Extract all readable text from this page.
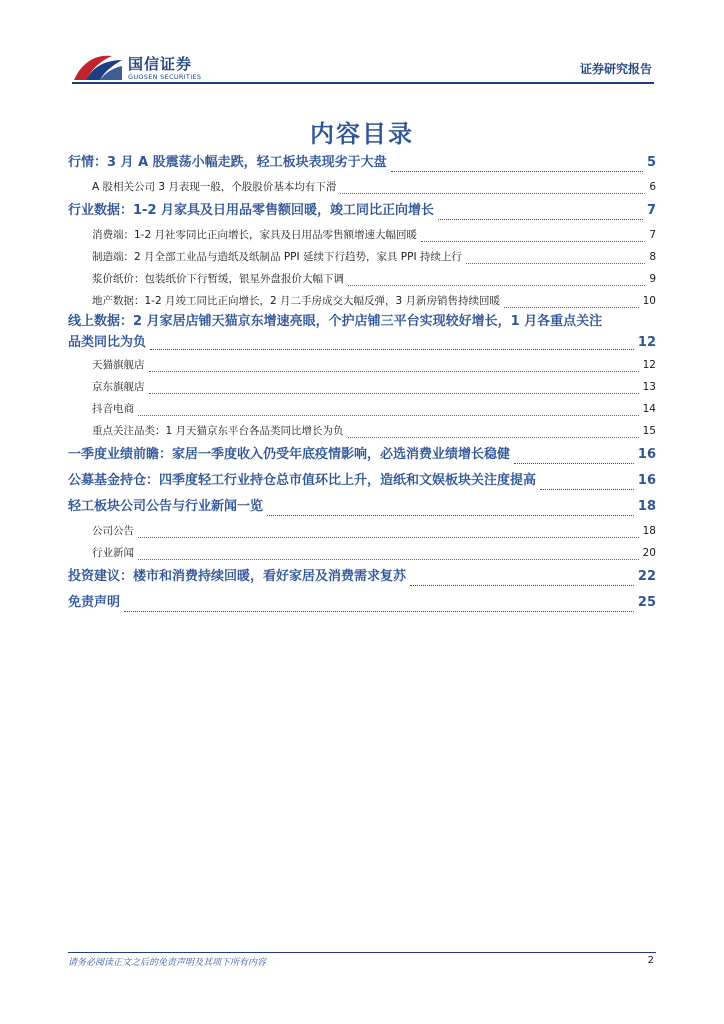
国信证券
GUOSEN SECURITIES
证券研究报告
内容目录
行情：3 月 A 股震荡小幅走跌，轻工板块表现劣于大盘	5
A 股相关公司 3 月表现一般，个股股价基本均有下滑	6
行业数据：1-2 月家具及日用品零售额回暖，竣工同比正向增长	7
消费端：1-2 月社零同比正向增长，家具及日用品零售额增速大幅回暖	7
制造端：2 月全部工业品与造纸及纸制品 PPI 延续下行趋势，家具 PPI 持续上行	8
浆价纸价：包装纸价下行暂缓，银星外盘报价大幅下调	9
地产数据：1-2 月竣工同比正向增长，2 月二手房成交大幅反弹，3 月新房销售持续回暖	10
线上数据：2 月家居店铺天猫京东增速亮眼，个护店铺三平台实现较好增长，1 月各重点关注
品类同比为负	12
天猫旗舰店	12
京东旗舰店	13
抖音电商	14
重点关注品类：1 月天猫京东平台各品类同比增长为负	15
一季度业绩前瞻：家居一季度收入仍受年底疫情影响，必选消费业绩增长稳健	16
公募基金持仓：四季度轻工行业持仓总市值环比上升，造纸和文娱板块关注度提高	16
轻工板块公司公告与行业新闻一览	18
公司公告	18
行业新闻	20
投资建议：楼市和消费持续回暖，看好家居及消费需求复苏	22
免责声明	25
请务必阅读正文之后的免责声明及其项下所有内容	2
